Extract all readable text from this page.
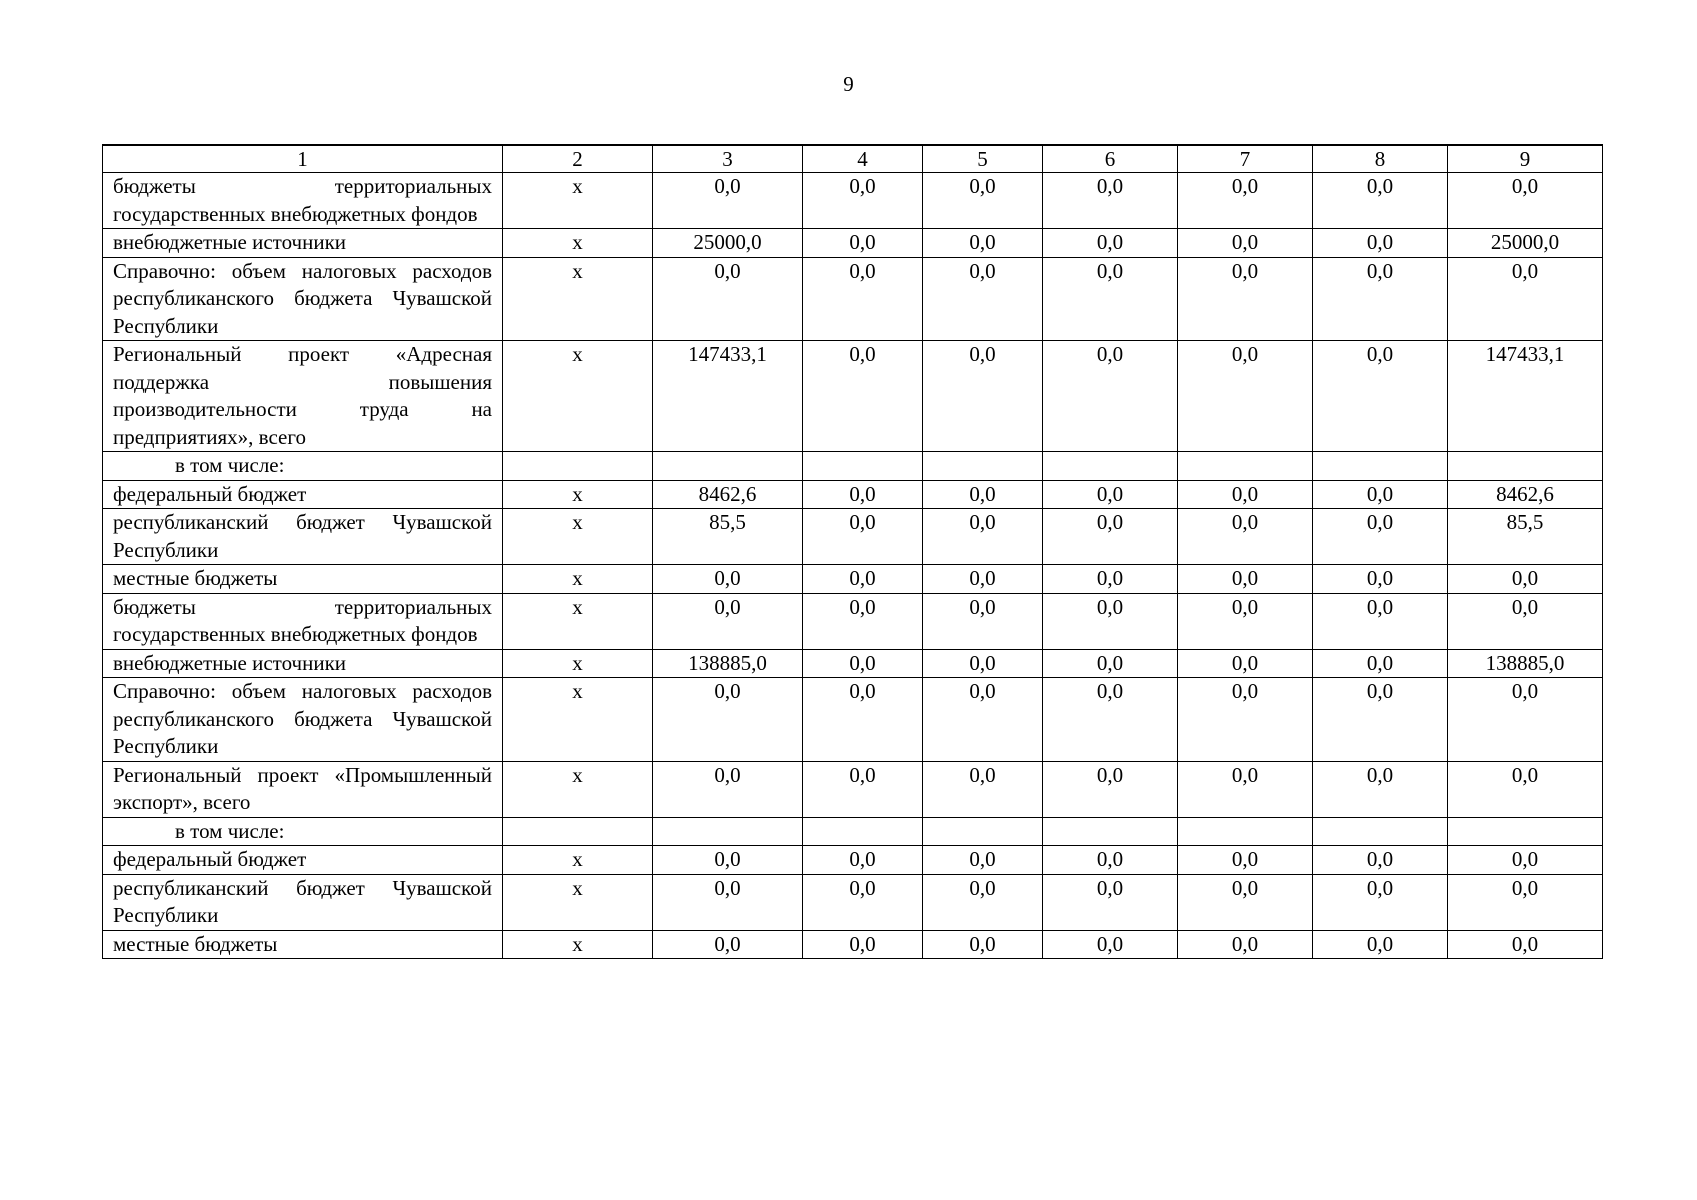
9
1	2	3	4	5	6	7	8	9
бюджеты территориальных государственных внебюджетных фондов	х	0,0	0,0	0,0	0,0	0,0	0,0	0,0
внебюджетные источники	х	25000,0	0,0	0,0	0,0	0,0	0,0	25000,0
Справочно: объем налоговых расходов республиканского бюджета Чувашской Республики	х	0,0	0,0	0,0	0,0	0,0	0,0	0,0
Региональный проект «Адресная поддержка повышения производительности труда на предприятиях», всего	х	147433,1	0,0	0,0	0,0	0,0	0,0	147433,1
в том числе:								
федеральный бюджет	х	8462,6	0,0	0,0	0,0	0,0	0,0	8462,6
республиканский бюджет Чувашской Республики	х	85,5	0,0	0,0	0,0	0,0	0,0	85,5
местные бюджеты	х	0,0	0,0	0,0	0,0	0,0	0,0	0,0
бюджеты территориальных государственных внебюджетных фондов	х	0,0	0,0	0,0	0,0	0,0	0,0	0,0
внебюджетные источники	х	138885,0	0,0	0,0	0,0	0,0	0,0	138885,0
Справочно: объем налоговых расходов республиканского бюджета Чувашской Республики	х	0,0	0,0	0,0	0,0	0,0	0,0	0,0
Региональный проект «Промышленный экспорт», всего	х	0,0	0,0	0,0	0,0	0,0	0,0	0,0
в том числе:								
федеральный бюджет	х	0,0	0,0	0,0	0,0	0,0	0,0	0,0
республиканский бюджет Чувашской Республики	х	0,0	0,0	0,0	0,0	0,0	0,0	0,0
местные бюджеты	х	0,0	0,0	0,0	0,0	0,0	0,0	0,0
